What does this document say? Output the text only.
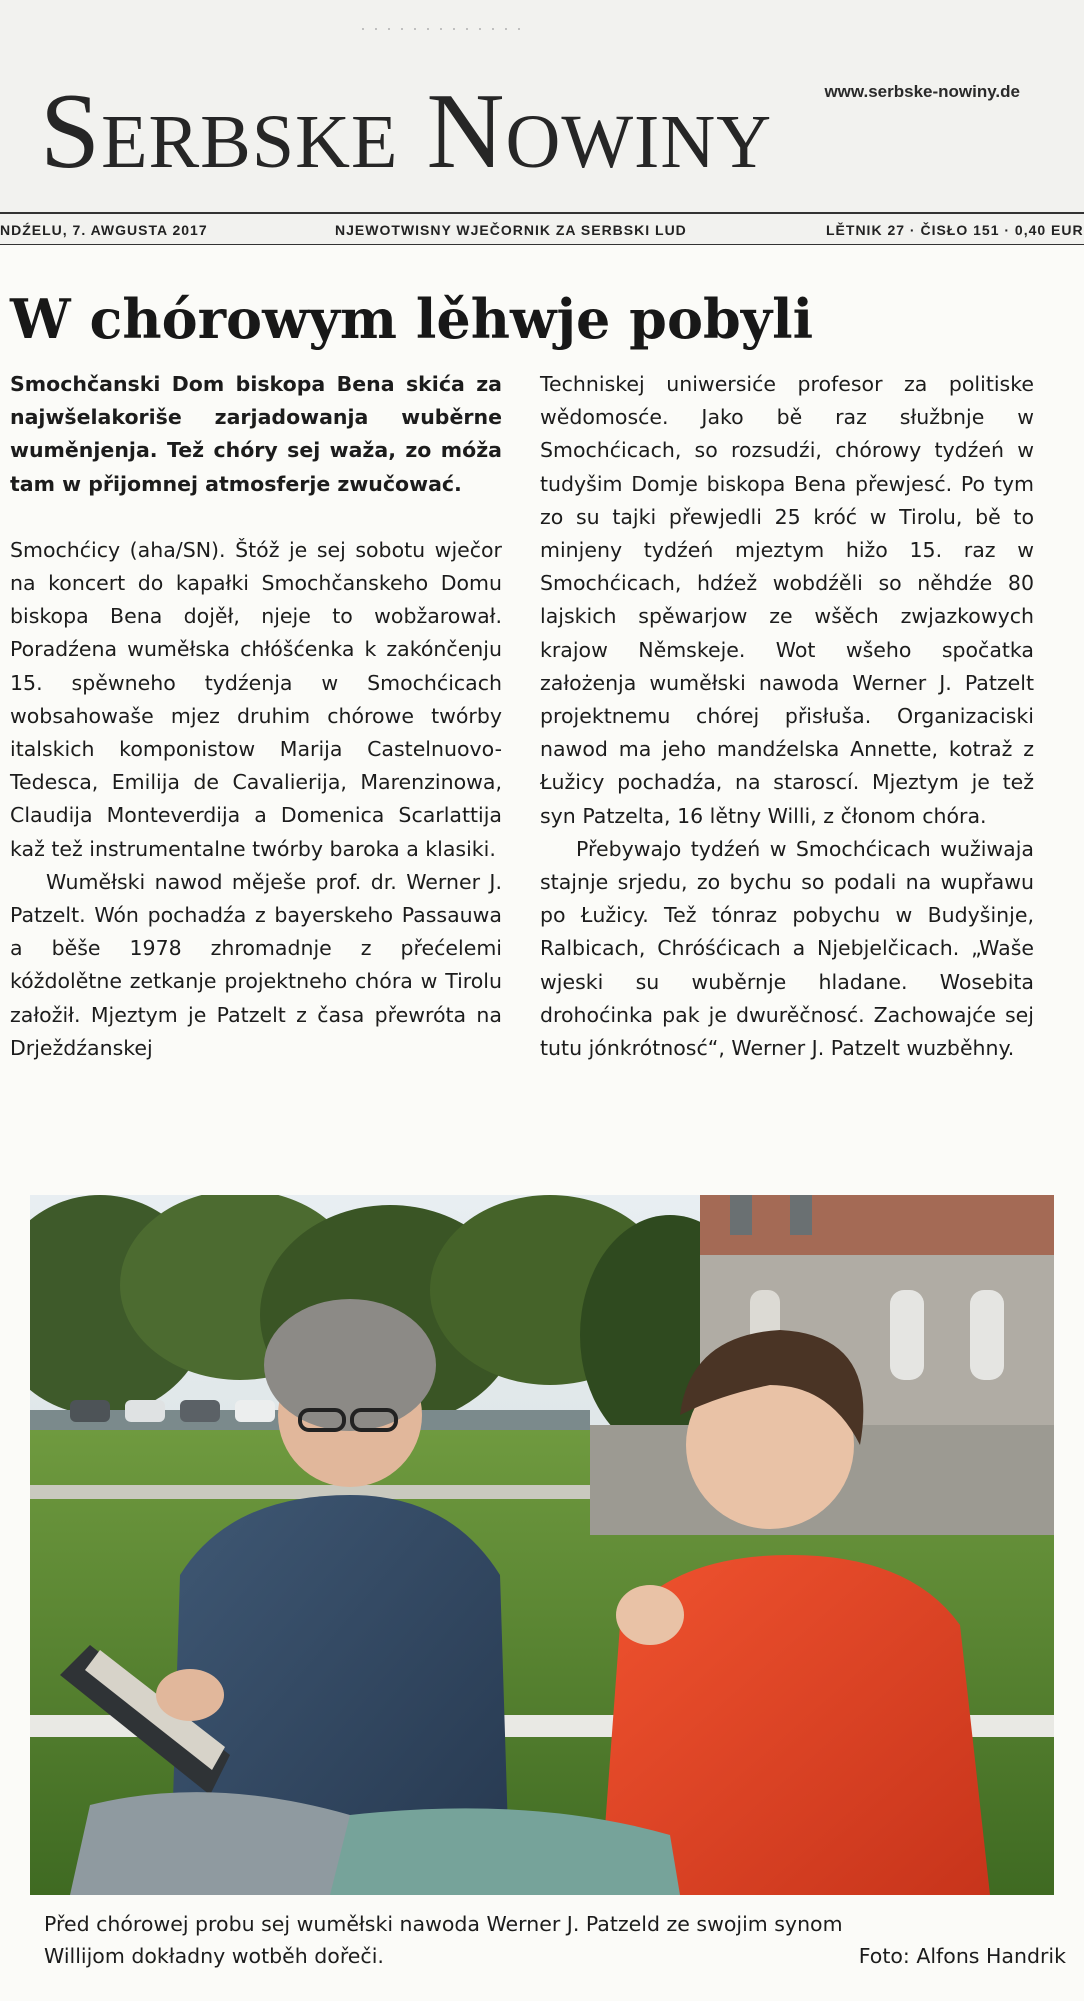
· · · · · · · · · · · · ·
www.serbske-nowiny.de
Serbske Nowiny
NDŹELU, 7. AWGUSTA 2017	NJEWOTWISNY WJEČORNIK ZA SERBSKI LUD	LĚTNIK 27 · ČISŁO 151 · 0,40 EUR
W chórowym lěhwje pobyli

Smochčanski Dom biskopa Bena skića za najwšelakoriše zarjadowanja wuběrne wuměnjenja. Tež chóry sej waža, zo móža tam w přijomnej atmosferje zwučować.

Smochćicy (aha/SN). Štóž je sej sobotu wječor na koncert do kapałki Smochčanskeho Domu biskopa Bena dojěł, njeje to wobžarował. Poradźena wuměłska chłóšćenka k zakónčenju 15. spěwneho tydźenja w Smochćicach wobsahowaše mjez druhim chórowe twórby italskich komponistow Marija Castelnuovo-Tedesca, Emilija de Cavalierija, Marenzinowa, Claudija Monteverdija a Domenica Scarlattija kaž tež instrumentalne twórby baroka a klasiki.

Wuměłski nawod měješe prof. dr. Werner J. Patzelt. Wón pochadźa z bayerskeho Passauwa a běše 1978 zhromadnje z přećelemi kóždolětne zetkanje projektneho chóra w Tirolu załožił. Mjeztym je Patzelt z časa přewróta na Drježdźanskej

Techniskej uniwersiće profesor za politiske wědomosće. Jako bě raz słužbnje w Smochćicach, so rozsudźi, chórowy tydźeń w tudyšim Domje biskopa Bena přewjesć. Po tym zo su tajki přewjedli 25 króć w Tirolu, bě to minjeny tydźeń mjeztym hižo 15. raz w Smochćicach, hdźež wobdźěli so něhdźe 80 lajskich spěwarjow ze wšěch zwjazkowych krajow Němskeje. Wot wšeho spočatka założenja wuměłski nawoda Werner J. Patzelt projektnemu chórej přisłuša. Organizaciski nawod ma jeho mandźelska Annette, kotraž z Łužicy pochadźa, na staroscí. Mjeztym je tež syn Patzelta, 16 lětny Willi, z čłonom chóra.

Přebywajo tydźeń w Smochćicach wužiwaja stajnje srjedu, zo bychu so podali na wupřawu po Łužicy. Tež tónraz pobychu w Budyšinje, Ralbicach, Chróśćicach a Njebjelčicach. „Waše wjeski su wuběrnje hladane. Wosebita drohoćinka pak je dwurěčnosć. Zachowajće sej tutu jónkrótnosć“, Werner J. Patzelt wuzběhny.

Před chórowej probu sej wuměłski nawoda Werner J. Patzeld ze swojim synom
Willijom dokładny wotběh dořeči.	Foto: Alfons Handrik
